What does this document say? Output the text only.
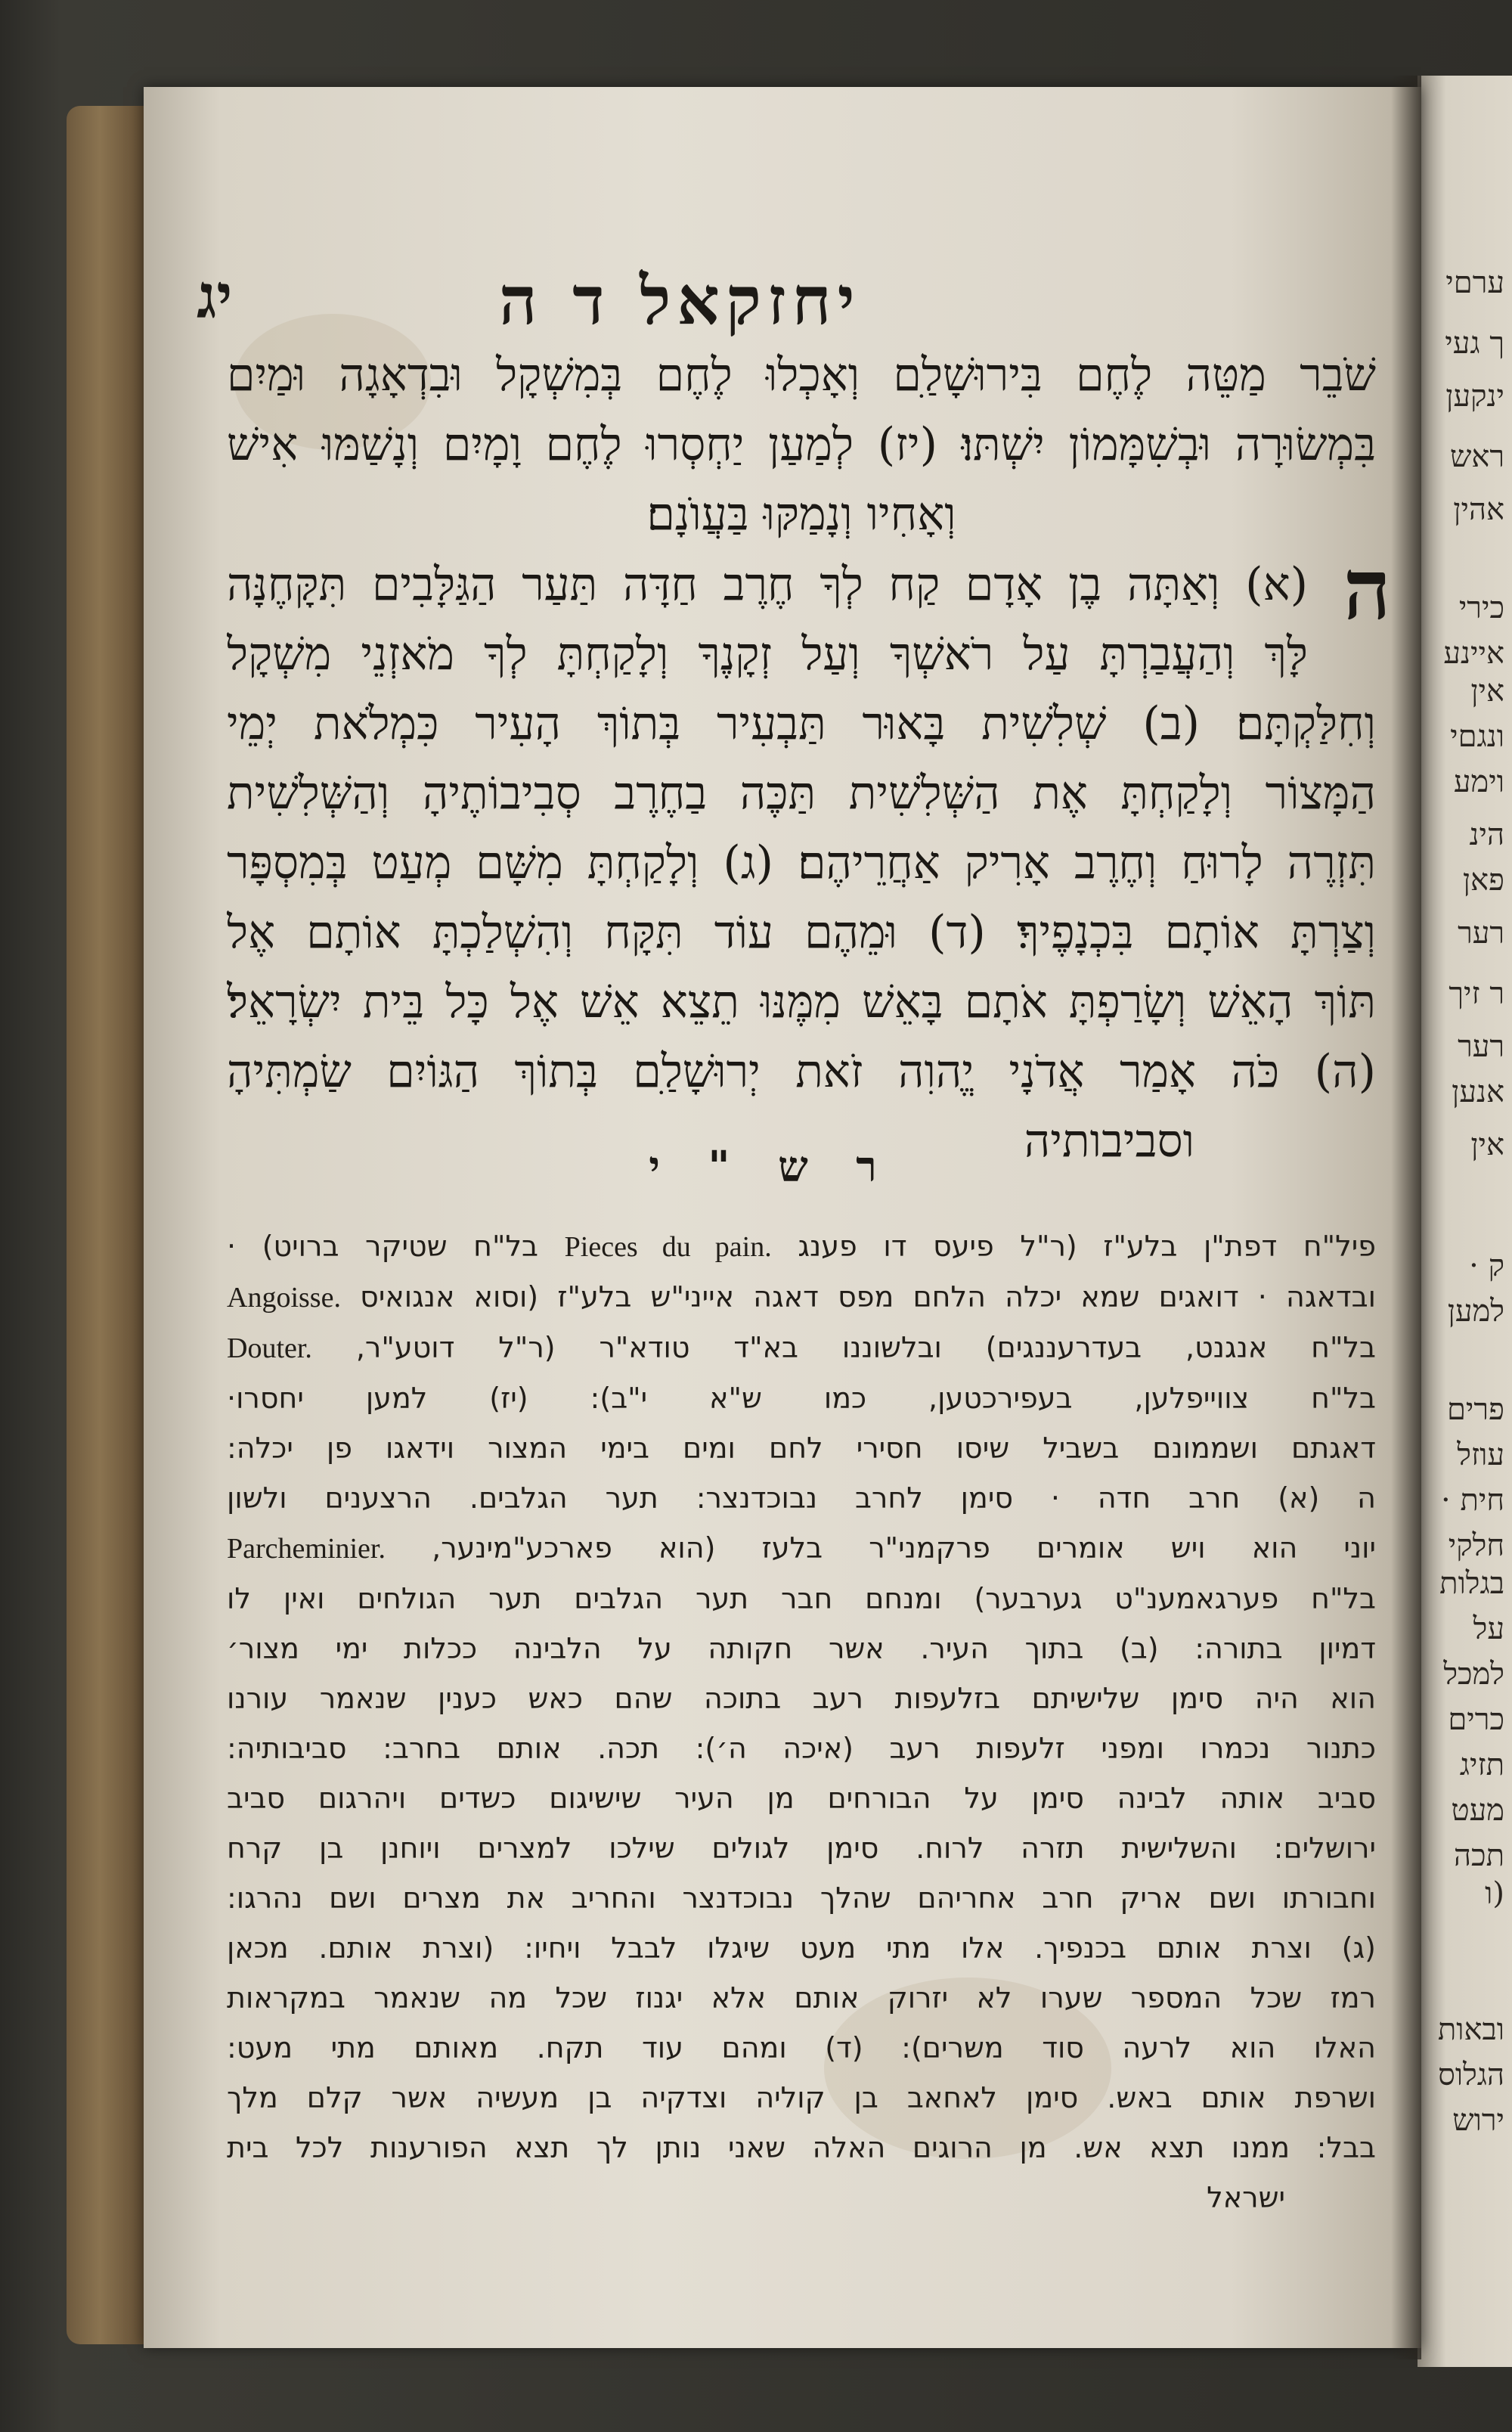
ערםי
ך געי
ינקען
ראש
אהין
כירי
איינע
אין
ונגםי
וימע
הינ
פאן
רער
ר זיך
רער
אנען
אין
ק ·
למען
פרים
עוזל
חית ·
חלקי
בגלות
על
למכל
כרים
תזיג
מעט
תכה
(ו
ובאות
הגלוס
ירוש
יחזקאל ד ה
יג
שֹׁבֵר מַטֵּה לֶחֶם בִּירוּשָׁלַ‍ִם וְאָכְלוּ לֶחֶם בְּמִשְׁקָל וּבִדְאָגָה וּמַיִם
בִּמְשׂוּרָה וּבְשִׁמָּמוֹן יִשְׁתּוּ׃ (יז) לְמַעַן יַחְסְרוּ לֶחֶם וָמָיִם וְנָשַׁמּוּ אִישׁ
וְאָחִיו וְנָמַקּוּ בַּעֲוֺנָם׃
ה
(א) וְאַתָּה בֶן אָדָם קַח לְךָ חֶרֶב חַדָּה תַּעַר הַגַּלָּבִים תִּקָּחֶנָּה
לָּךְ וְהַעֲבַרְתָּ עַל רֹאשְׁךָ וְעַל זְקָנֶךָ וְלָקַחְתָּ לְךָ מֹאזְנֵי מִשְׁקָל
וְחִלַּקְתָּם׃ (ב) שְׁלִשִׁית בָּאוּר תַּבְעִיר בְּתוֹךְ הָעִיר כִּמְלֹאת יְמֵי
הַמָּצוֹר וְלָקַחְתָּ אֶת הַשְּׁלִשִׁית תַּכֶּה בַחֶרֶב סְבִיבוֹתֶיהָ וְהַשְּׁלִשִׁית
תִּזְרֶה לָרוּחַ וְחֶרֶב אָרִיק אַחֲרֵיהֶם׃ (ג) וְלָקַחְתָּ מִשָּׁם מְעַט בְּמִסְפָּר
וְצַרְתָּ אוֹתָם בִּכְנָפֶיךָ׃ (ד) וּמֵהֶם עוֹד תִּקָּח וְהִשְׁלַכְתָּ אוֹתָם אֶל
תּוֹךְ הָאֵשׁ וְשָׂרַפְתָּ אֹתָם בָּאֵשׁ מִמֶּנּוּ תֵצֵא אֵשׁ אֶל כָּל בֵּית יִשְׂרָאֵל׃
(ה) כֹּה אָמַר אֲדֹנָי יֱהוִה זֹאת יְרוּשָׁלַ‍ִם בְּתוֹךְ הַגּוֹיִם שַׂמְתִּיהָ
וסביבותיה
ר ש " י
פיל"ח דפת"ן בלע"ז (ר"ל פיעס דו פענג Pieces du pain. בל"ח שטיקר ברויט) ·
ובדאגה · דואגים שמא יכלה הלחם מפס דאגה אייני"ש בלע"ז (וסוא אנגואיס Angoisse.
בל"ח אנגנט, בעדרעננגים) ובלשוננו בא"ד טודא"ר (ר"ל דוטע"ר, Douter.
בל"ח צווייפלען, בעפירכטען, כמו ש"א י"ב): (יז) למען יחסרו·
דאגתם ושממונם בשביל שיסו חסירי לחם ומים בימי המצור וידאגו פן יכלה:
ה (א) חרב חדה · סימן לחרב נבוכדנצר: תער הגלבים. הרצענים ולשון
יוני הוא ויש אומרים פרקמני"ר בלעז (הוא פארכע"מינער, Parcheminier.
בל"ח פערגאמענ"ט גערבער) ומנחם חבר תער הגלבים תער הגולחים ואין לו
דמיון בתורה: (ב) בתוך העיר. אשר חקותה על הלבינה ככלות ימי מצור׳
הוא היה סימן שלישיתם בזלעפות רעב בתוכה שהם כאש כענין שנאמר עורנו
כתנור נכמרו ומפני זלעפות רעב (איכה ה׳): תכה. אותם בחרב: סביבותיה:
סביב אותה לבינה סימן על הבורחים מן העיר שישיגום כשדים ויהרגום סביב
ירושלים: והשלישית תזרה לרוח. סימן לגולים שילכו למצרים ויוחנן בן קרח
וחבורתו ושם אריק חרב אחריהם שהלך נבוכדנצר והחריב את מצרים ושם נהרגו:
(ג) וצרת אותם בכנפיך. אלו מתי מעט שיגלו לבבל ויחיו: (וצרת אותם. מכאן
רמז שכל המספר שערו לא יזרוק אותם אלא יגנוז שכל מה שנאמר במקראות
האלו הוא לרעה סוד משרים): (ד) ומהם עוד תקח. מאותם מתי מעט:
ושרפת אותם באש. סימן לאחאב בן קוליה וצדקיה בן מעשיה אשר קלם מלך
בבל: ממנו תצא אש. מן הרוגים האלה שאני נותן לך תצא הפורענות לכל בית
ישראל
